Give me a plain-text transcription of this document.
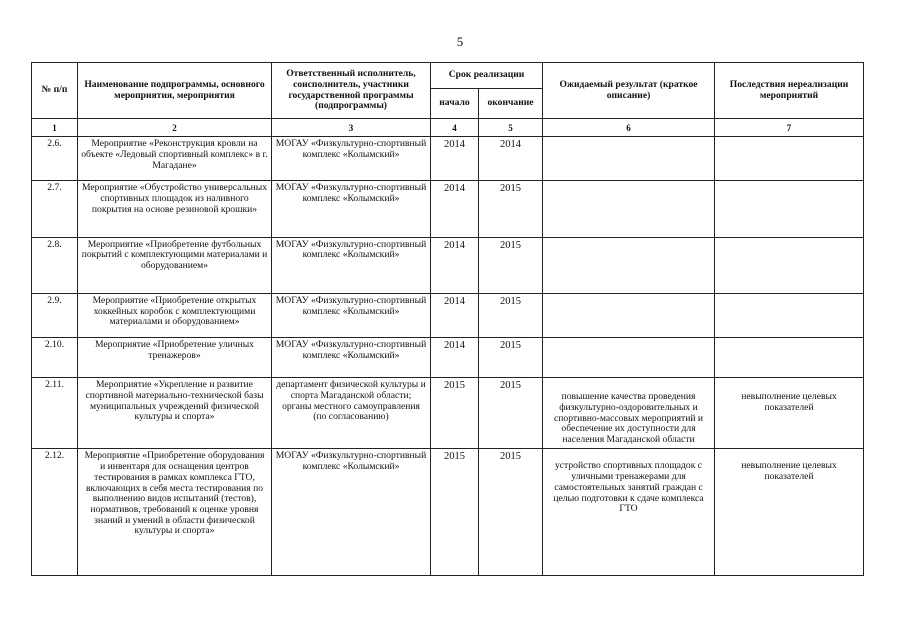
5
№ п/п	Наименование подпрограммы, основного мероприятия, мероприятия	Ответственный исполнитель, соисполнитель, участники государственной программы (подпрограммы)	Срок реализации		Ожидаемый результат (краткое описание)	Последствия нереализации мероприятий
			начало	окончание		
1	2	3	4	5	6	7
2.6.	Мероприятие «Реконструкция кровли на объекте «Ледовый спортивный комплекс» в г. Магадане»	МОГАУ «Физкультурно-спортивный комплекс «Колымский»	2014	2014		
2.7.	Мероприятие «Обустройство универсальных спортивных площадок из наливного покрытия на основе резиновой крошки»	МОГАУ «Физкультурно-спортивный комплекс «Колымский»	2014	2015		
2.8.	Мероприятие «Приобретение футбольных покрытий с комплектующими материалами и оборудованием»	МОГАУ «Физкультурно-спортивный комплекс «Колымский»	2014	2015		
2.9.	Мероприятие «Приобретение открытых хоккейных коробок с комплектующими материалами и оборудованием»	МОГАУ «Физкультурно-спортивный комплекс «Колымский»	2014	2015		
2.10.	Мероприятие «Приобретение уличных тренажеров»	МОГАУ «Физкультурно-спортивный комплекс «Колымский»	2014	2015		
2.11.	Мероприятие «Укрепление и развитие спортивной материально-технической базы муниципальных учреждений физической культуры и спорта»	департамент физической культуры и спорта Магаданской области; органы местного самоуправления (по согласованию)	2015	2015	повышение качества проведения физкультурно-оздоровительных и спортивно-массовых мероприятий и обеспечение их доступности для населения Магаданской области	невыполнение целевых показателей
2.12.	Мероприятие «Приобретение оборудования и инвентаря для оснащения центров тестирования в рамках комплекса ГТО, включающих в себя места тестирования по выполнению видов испытаний (тестов), нормативов, требований к оценке уровня знаний и умений в области физической культуры и спорта»	МОГАУ «Физкультурно-спортивный комплекс «Колымский»	2015	2015	устройство спортивных площадок с уличными тренажерами для самостоятельных занятий граждан с целью подготовки к сдаче комплекса ГТО	невыполнение целевых показателей
